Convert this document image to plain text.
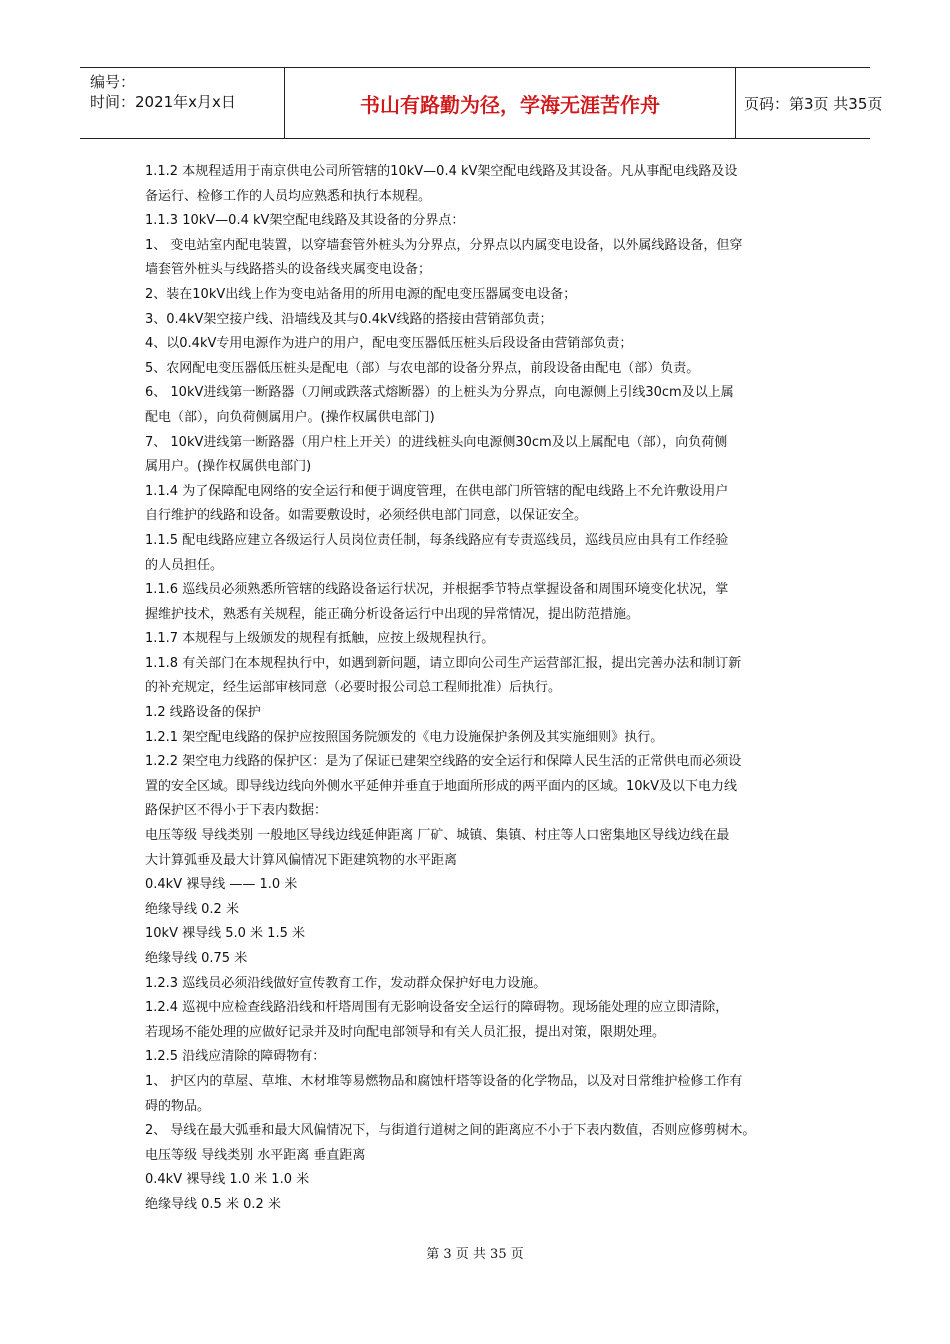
编号：
时间：2021年x月x日	书山有路勤为径，学海无涯苦作舟	页码：第3页 共35页
1.1.2 本规程适用于南京供电公司所管辖的10kV—0.4 kV架空配电线路及其设备。凡从事配电线路及设
备运行、检修工作的人员均应熟悉和执行本规程。
1.1.3 10kV—0.4 kV架空配电线路及其设备的分界点：
1、 变电站室内配电装置，以穿墙套管外桩头为分界点，分界点以内属变电设备，以外属线路设备，但穿
墙套管外桩头与线路搭头的设备线夹属变电设备；
2、装在10kV出线上作为变电站备用的所用电源的配电变压器属变电设备；
3、0.4kV架空接户线、沿墙线及其与0.4kV线路的搭接由营销部负责；
4、以0.4kV专用电源作为进户的用户，配电变压器低压桩头后段设备由营销部负责；
5、农网配电变压器低压桩头是配电（部）与农电部的设备分界点，前段设备由配电（部）负责。
6、 10kV进线第一断路器（刀闸或跌落式熔断器）的上桩头为分界点，向电源侧上引线30cm及以上属
配电（部），向负荷侧属用户。(操作权属供电部门)
7、 10kV进线第一断路器（用户柱上开关）的进线桩头向电源侧30cm及以上属配电（部），向负荷侧
属用户。(操作权属供电部门)
1.1.4 为了保障配电网络的安全运行和便于调度管理，在供电部门所管辖的配电线路上不允许敷设用户
自行维护的线路和设备。如需要敷设时，必须经供电部门同意，以保证安全。
1.1.5 配电线路应建立各级运行人员岗位责任制，每条线路应有专责巡线员，巡线员应由具有工作经验
的人员担任。
1.1.6 巡线员必须熟悉所管辖的线路设备运行状况，并根据季节特点掌握设备和周围环境变化状况，掌
握维护技术，熟悉有关规程，能正确分析设备运行中出现的异常情况，提出防范措施。
1.1.7 本规程与上级颁发的规程有抵触，应按上级规程执行。
1.1.8 有关部门在本规程执行中，如遇到新问题，请立即向公司生产运营部汇报，提出完善办法和制订新
的补充规定，经生运部审核同意（必要时报公司总工程师批准）后执行。
1.2 线路设备的保护
1.2.1 架空配电线路的保护应按照国务院颁发的《电力设施保护条例及其实施细则》执行。
1.2.2 架空电力线路的保护区：是为了保证已建架空线路的安全运行和保障人民生活的正常供电而必须设
置的安全区域。即导线边线向外侧水平延伸并垂直于地面所形成的两平面内的区域。10kV及以下电力线
路保护区不得小于下表内数据：
电压等级 导线类别 一般地区导线边线延伸距离 厂矿、城镇、集镇、村庄等人口密集地区导线边线在最
大计算弧垂及最大计算风偏情况下距建筑物的水平距离
0.4kV 裸导线 —— 1.0 米
绝缘导线 0.2 米
10kV 裸导线 5.0 米 1.5 米
绝缘导线 0.75 米
1.2.3 巡线员必须沿线做好宣传教育工作，发动群众保护好电力设施。
1.2.4 巡视中应检查线路沿线和杆塔周围有无影响设备安全运行的障碍物。现场能处理的应立即清除，
若现场不能处理的应做好记录并及时向配电部领导和有关人员汇报，提出对策，限期处理。
1.2.5 沿线应清除的障碍物有：
1、 护区内的草屋、草堆、木材堆等易燃物品和腐蚀杆塔等设备的化学物品，以及对日常维护检修工作有
碍的物品。
2、 导线在最大弧垂和最大风偏情况下，与街道行道树之间的距离应不小于下表内数值，否则应修剪树木。
电压等级 导线类别 水平距离 垂直距离
0.4kV 裸导线 1.0 米 1.0 米
绝缘导线 0.5 米 0.2 米
第 3 页 共 35 页
